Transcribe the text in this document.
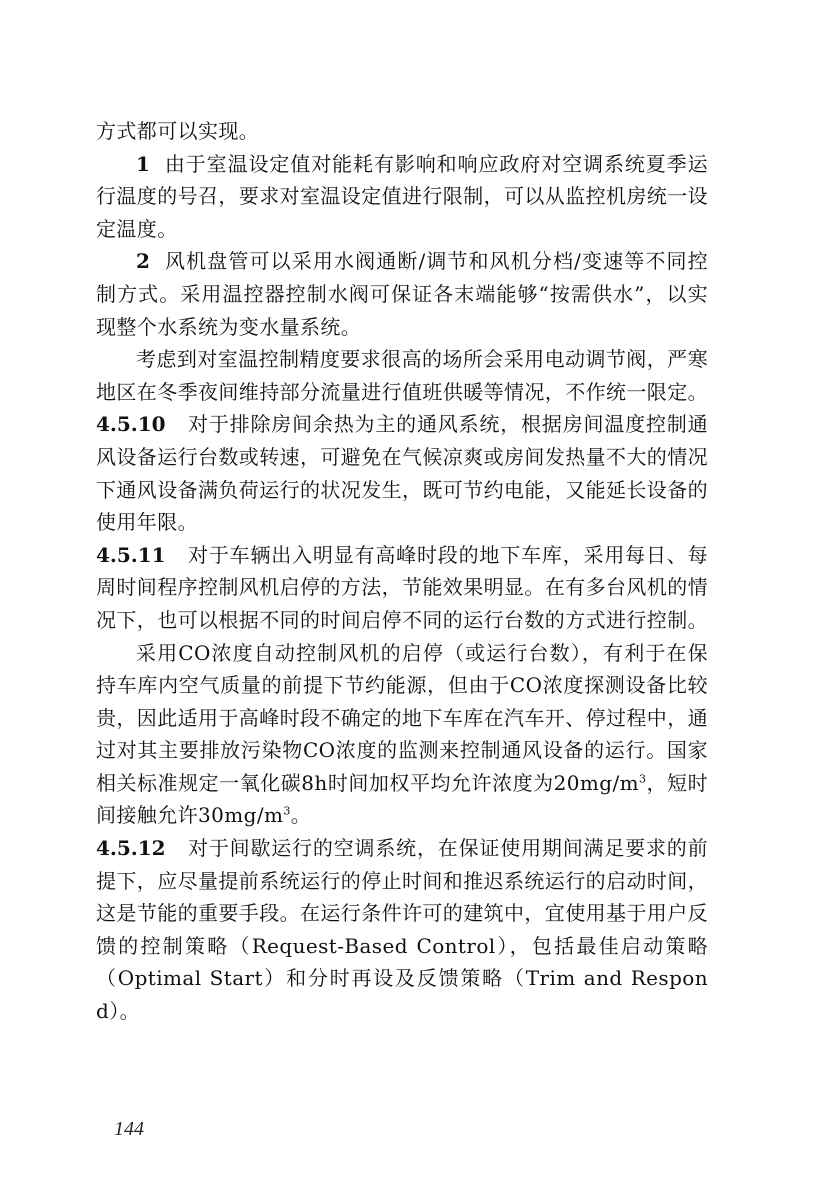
方式都可以实现。

1 由于室温设定值对能耗有影响和响应政府对空调系统夏季运行温度的号召，要求对室温设定值进行限制，可以从监控机房统一设定温度。

2 风机盘管可以采用水阀通断/调节和风机分档/变速等不同控制方式。采用温控器控制水阀可保证各末端能够“按需供水”，以实现整个水系统为变水量系统。

考虑到对室温控制精度要求很高的场所会采用电动调节阀，严寒地区在冬季夜间维持部分流量进行值班供暖等情况，不作统一限定。

4.5.10 对于排除房间余热为主的通风系统，根据房间温度控制通风设备运行台数或转速，可避免在气候凉爽或房间发热量不大的情况下通风设备满负荷运行的状况发生，既可节约电能，又能延长设备的使用年限。

4.5.11 对于车辆出入明显有高峰时段的地下车库，采用每日、每周时间程序控制风机启停的方法，节能效果明显。在有多台风机的情况下，也可以根据不同的时间启停不同的运行台数的方式进行控制。

采用CO浓度自动控制风机的启停（或运行台数），有利于在保持车库内空气质量的前提下节约能源，但由于CO浓度探测设备比较贵，因此适用于高峰时段不确定的地下车库在汽车开、停过程中，通过对其主要排放污染物CO浓度的监测来控制通风设备的运行。国家相关标准规定一氧化碳8h时间加权平均允许浓度为$20mg/m^3$，短时间接触允许$30mg/m^3$。

4.5.12 对于间歇运行的空调系统，在保证使用期间满足要求的前提下，应尽量提前系统运行的停止时间和推迟系统运行的启动时间，这是节能的重要手段。在运行条件许可的建筑中，宜使用基于用户反馈的控制策略（Request-Based Control），包括最佳启动策略（Optimal Start）和分时再设及反馈策略（Trim and Respond）。

144
